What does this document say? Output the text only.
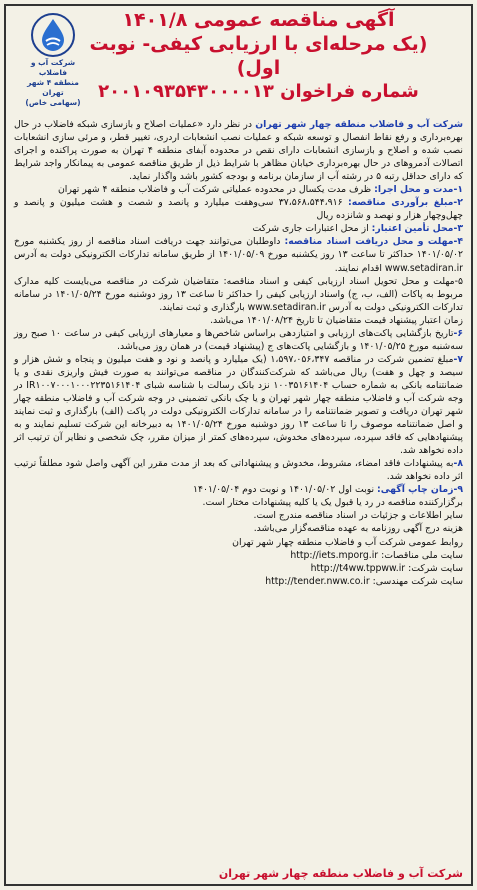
آگهی مناقصه عمومی ۱۴۰۱/۸
(یک مرحله‌ای با ارزیابی کیفی- نوبت اول)
شماره فراخوان ۲۰۰۱۰۹۳۵۴۳۰۰۰۰۱۳
شرکت آب و فاضلاب
منطقه ۴ شهر تهران
(سهامی خاص)

شرکت آب و فاضلاب منطقه چهار شهر تهران در نظر دارد «عملیات اصلاح و بازسازی شبکه فاضلاب در حال بهره‌برداری و رفع نقاط انفصال و توسعه شبکه و عملیات نصب انشعابات اردری، تغییر قطر، و مرئی سازی انشعابات نصب شده و اصلاح و بازسازی انشعابات دارای نقص در محدوده آبفای منطقه ۴ تهران به صورت پراکنده و اجرای اتصالات آدمروهای در حال بهره‌برداری خیابان مظاهر با شرایط ذیل از طریق مناقصه عمومی به پیمانکار واجد شرایط که دارای حداقل رتبه ۵ در رشته آب از سازمان برنامه و بودجه کشور باشد واگذار نماید.

۱-مدت و محل اجرا: ظرف مدت یکسال در محدوده عملیاتی شرکت آب و فاضلاب منطقه ۴ شهر تهران

۲-مبلغ برآوردی مناقصه: ۳۷،۵۶۸،۵۴۴،۹۱۶ سی‌وهفت میلیارد و پانصد و شصت و هشت میلیون و پانصد و چهل‌وچهار هزار و نهصد و شانزده ریال

۳-محل تأمین اعتبار: از محل اعتبارات جاری شرکت

۴-مهلت و محل دریافت اسناد مناقصه: داوطلبان می‌توانند جهت دریافت اسناد مناقصه از روز یکشنبه مورخ ۱۴۰۱/۰۵/۰۲ حداکثر تا ساعت ۱۳ روز یکشنبه مورخ ۱۴۰۱/۰۵/۰۹ از طریق سامانه تدارکات الکترونیکی دولت به آدرس www.setadiran.ir اقدام نمایند.

۵-مهلت و محل تحویل اسناد ارزیابی کیفی و اسناد مناقصه: متقاضیان شرکت در مناقصه می‌بایست کلیه مدارک مربوط به پاکات (الف، ب، ج) واسناد ارزیابی کیفی را حداکثر تا ساعت ۱۳ روز دوشنبه مورخ ۱۴۰۱/۰۵/۲۴ در سامانه تدارکات الکترونیکی دولت به آدرس www.setadiran.ir بارگذاری و ثبت نمایند.

زمان اعتبار پیشنهاد قیمت متقاضیان تا تاریخ ۱۴۰۱/۰۸/۲۴ می‌باشد.

۶-تاریخ بازگشایی پاکت‌های ارزیابی و امتیازدهی براساس شاخص‌ها و معیارهای ارزیابی کیفی در ساعت ۱۰ صبح روز سه‌شنبه مورخ ۱۴۰۱/۰۵/۲۵ و بازگشایی پاکت‌های ج (پیشنهاد قیمت) در همان روز می‌باشد.

۷-مبلغ تضمین شرکت در مناقصه ۱،۵۹۷،۰۵۶،۳۴۷ (یک میلیارد و پانصد و نود و هفت میلیون و پنجاه و شش هزار و سیصد و چهل و هفت) ریال می‌باشد که شرکت‌کنندگان در مناقصه می‌توانند به صورت فیش واریزی نقدی و یا ضمانتنامه بانکی به شماره حساب ۱۰۰۳۵۱۶۱۴۰۴ نزد بانک رسالت با شناسه شبای IR۱۰۰۷۰۰۰۱۰۰۰۲۲۳۵۱۶۱۴۰۴ در وجه شرکت آب و فاضلاب منطقه چهار شهر تهران و یا چک بانکی تضمینی در وجه شرکت آب و فاضلاب منطقه چهار شهر تهران دریافت و تصویر ضمانتنامه را در سامانه تدارکات الکترونیکی دولت در پاکت (الف) بارگذاری و ثبت نمایند و اصل ضمانتنامه موصوف را تا ساعت ۱۳ روز دوشنبه مورخ ۱۴۰۱/۰۵/۲۴ به دبیرخانه این شرکت تسلیم نمایند و به پیشنهادهایی که فاقد سپرده، سپرده‌های مخدوش، سپرده‌های کمتر از میزان مقرر، چک شخصی و نظایر آن ترتیب اثر داده نخواهد شد.

۸-به پیشنهادات فاقد امضاء، مشروط، مخدوش و پیشنهاداتی که بعد از مدت مقرر این آگهی واصل شود مطلقاً ترتیب اثر داده نخواهد شد.

۹-زمان چاپ آگهی: نوبت اول ۱۴۰۱/۰۵/۰۲ و نوبت دوم ۱۴۰۱/۰۵/۰۴

برگزارکننده مناقصه در رد یا قبول یک یا کلیه پیشنهادات مختار است.

سایر اطلاعات و جزئیات در اسناد مناقصه مندرج است.

هزینه درج آگهی روزنامه به عهده مناقصه‌گزار می‌باشد.

روابط عمومی شرکت آب و فاضلاب منطقه چهار شهر تهران

سایت ملی مناقصات: http://iets.mporg.ir

سایت شرکت: http://t4ww.tppww.ir

سایت شرکت مهندسی: http://tender.nww.co.ir

شرکت آب و فاضلاب منطقه چهار شهر تهران
